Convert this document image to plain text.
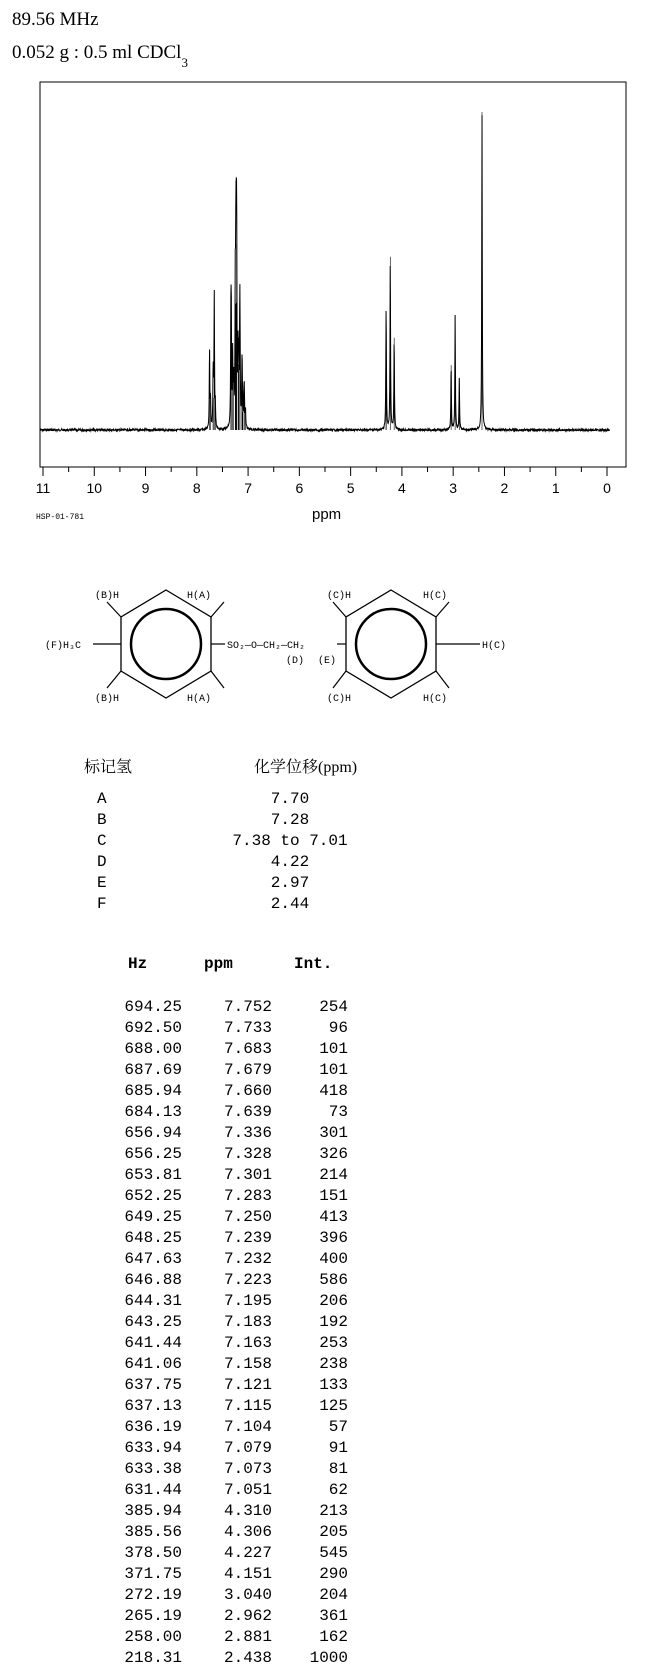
89.56 MHz
0.052 g : 0.5 ml CDCl$_3$
11	10	9	8	7	6	5	4	3	2	1	0
ppm
HSP-01-781
(B)H	H(A)
(B)H	H(A)
(F)H₃C	SO₂—O—CH₂—CH₂
(D) (E)
(C)H	H(C)
(C)H	H(C)
H(C)
标记氢	化学位移(ppm)
A	7.70
B	7.28
C	7.38 to 7.01
D	4.22
E	2.97
F	2.44
Hz	ppm	Int.
694.25	7.752	254
692.50	7.733	96
688.00	7.683	101
687.69	7.679	101
685.94	7.660	418
684.13	7.639	73
656.94	7.336	301
656.25	7.328	326
653.81	7.301	214
652.25	7.283	151
649.25	7.250	413
648.25	7.239	396
647.63	7.232	400
646.88	7.223	586
644.31	7.195	206
643.25	7.183	192
641.44	7.163	253
641.06	7.158	238
637.75	7.121	133
637.13	7.115	125
636.19	7.104	57
633.94	7.079	91
633.38	7.073	81
631.44	7.051	62
385.94	4.310	213
385.56	4.306	205
378.50	4.227	545
371.75	4.151	290
272.19	3.040	204
265.19	2.962	361
258.00	2.881	162
218.31	2.438	1000
